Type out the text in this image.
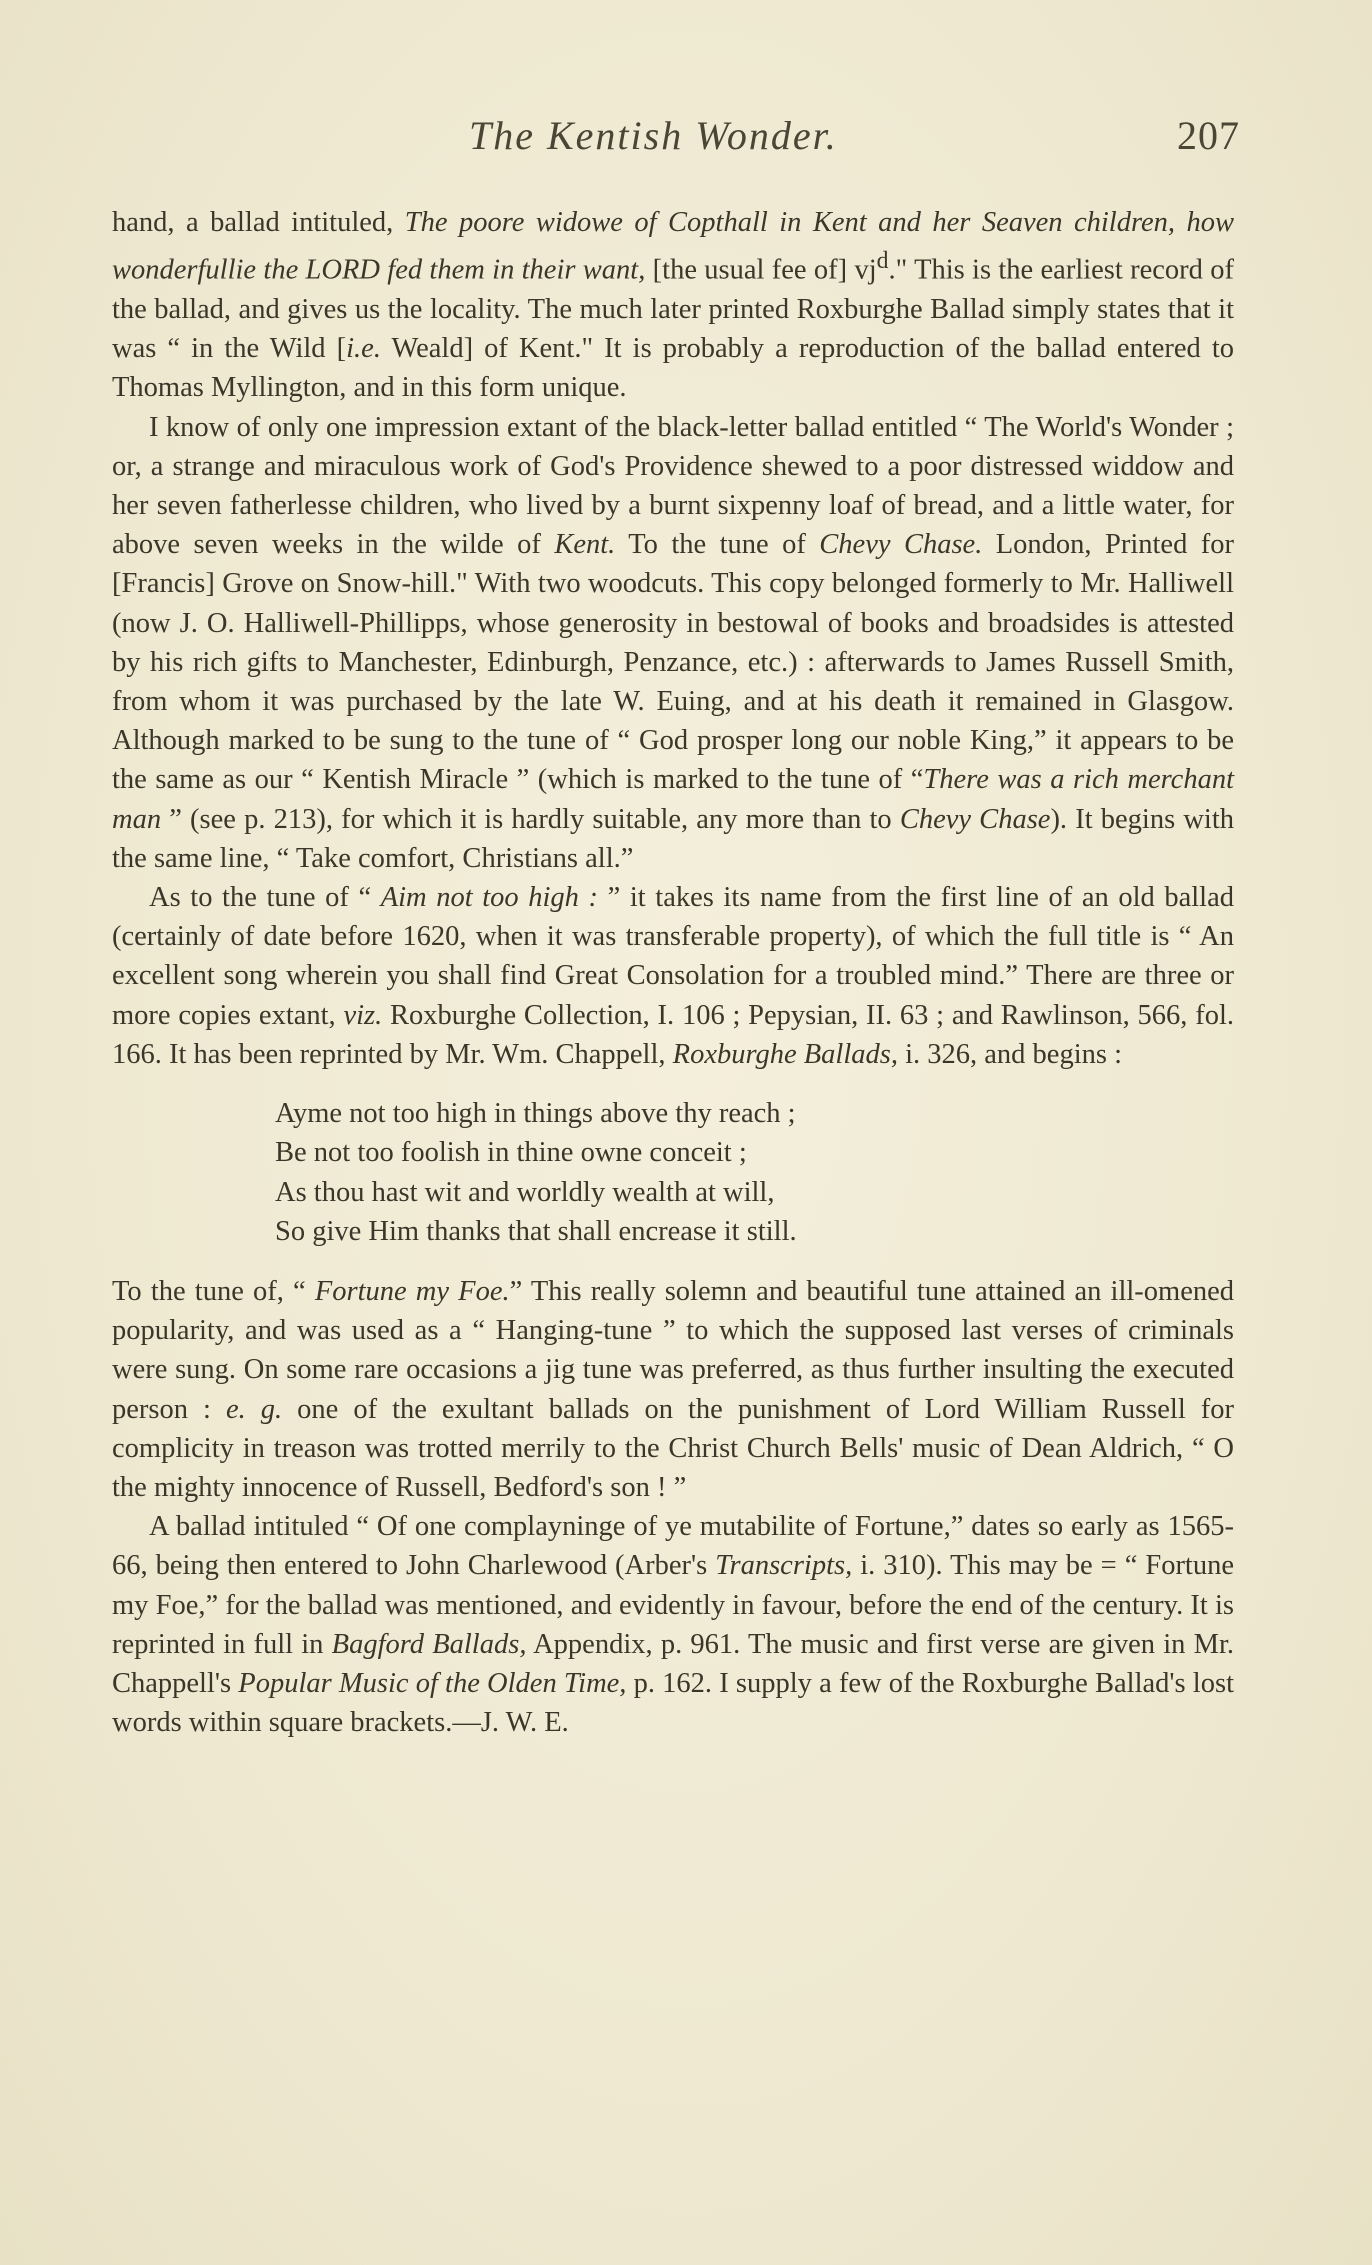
The Kentish Wonder.	207

hand, a ballad intituled, The poore widowe of Copthall in Kent and her Seaven children, how wonderfullie the LORD fed them in their want, [the usual fee of] $vj^d$." This is the earliest record of the ballad, and gives us the locality. The much later printed Roxburghe Ballad simply states that it was “ in the Wild [i.e. Weald] of Kent." It is probably a reproduction of the ballad entered to Thomas Myllington, and in this form unique.

I know of only one impression extant of the black-letter ballad entitled “ The World's Wonder ; or, a strange and miraculous work of God's Providence shewed to a poor distressed widdow and her seven fatherlesse children, who lived by a burnt sixpenny loaf of bread, and a little water, for above seven weeks in the wilde of Kent. To the tune of Chevy Chase. London, Printed for [Francis] Grove on Snow-hill." With two woodcuts. This copy belonged formerly to Mr. Halliwell (now J. O. Halliwell-Phillipps, whose generosity in bestowal of books and broadsides is attested by his rich gifts to Manchester, Edinburgh, Penzance, etc.) : afterwards to James Russell Smith, from whom it was purchased by the late W. Euing, and at his death it remained in Glasgow. Although marked to be sung to the tune of “ God prosper long our noble King,” it appears to be the same as our “ Kentish Miracle ” (which is marked to the tune of “There was a rich merchant man ” (see p. 213), for which it is hardly suitable, any more than to Chevy Chase). It begins with the same line, “ Take comfort, Christians all.”

As to the tune of “ Aim not too high : ” it takes its name from the first line of an old ballad (certainly of date before 1620, when it was transferable property), of which the full title is “ An excellent song wherein you shall find Great Consolation for a troubled mind.” There are three or more copies extant, viz. Roxburghe Collection, I. 106 ; Pepysian, II. 63 ; and Rawlinson, 566, fol. 166. It has been reprinted by Mr. Wm. Chappell, Roxburghe Ballads, i. 326, and begins :

Ayme not too high in things above thy reach ;
Be not too foolish in thine owne conceit ;
As thou hast wit and worldly wealth at will,
So give Him thanks that shall encrease it still.

To the tune of, “ Fortune my Foe.” This really solemn and beautiful tune attained an ill-omened popularity, and was used as a “ Hanging-tune ” to which the supposed last verses of criminals were sung. On some rare occasions a jig tune was preferred, as thus further insulting the executed person : e. g. one of the exultant ballads on the punishment of Lord William Russell for complicity in treason was trotted merrily to the Christ Church Bells' music of Dean Aldrich, “ O the mighty innocence of Russell, Bedford's son ! ”

A ballad intituled “ Of one complayninge of ye mutabilite of Fortune,” dates so early as 1565-66, being then entered to John Charlewood (Arber's Transcripts, i. 310). This may be = “ Fortune my Foe,” for the ballad was mentioned, and evidently in favour, before the end of the century. It is reprinted in full in Bagford Ballads, Appendix, p. 961. The music and first verse are given in Mr. Chappell's Popular Music of the Olden Time, p. 162. I supply a few of the Roxburghe Ballad's lost words within square brackets.—J. W. E.
